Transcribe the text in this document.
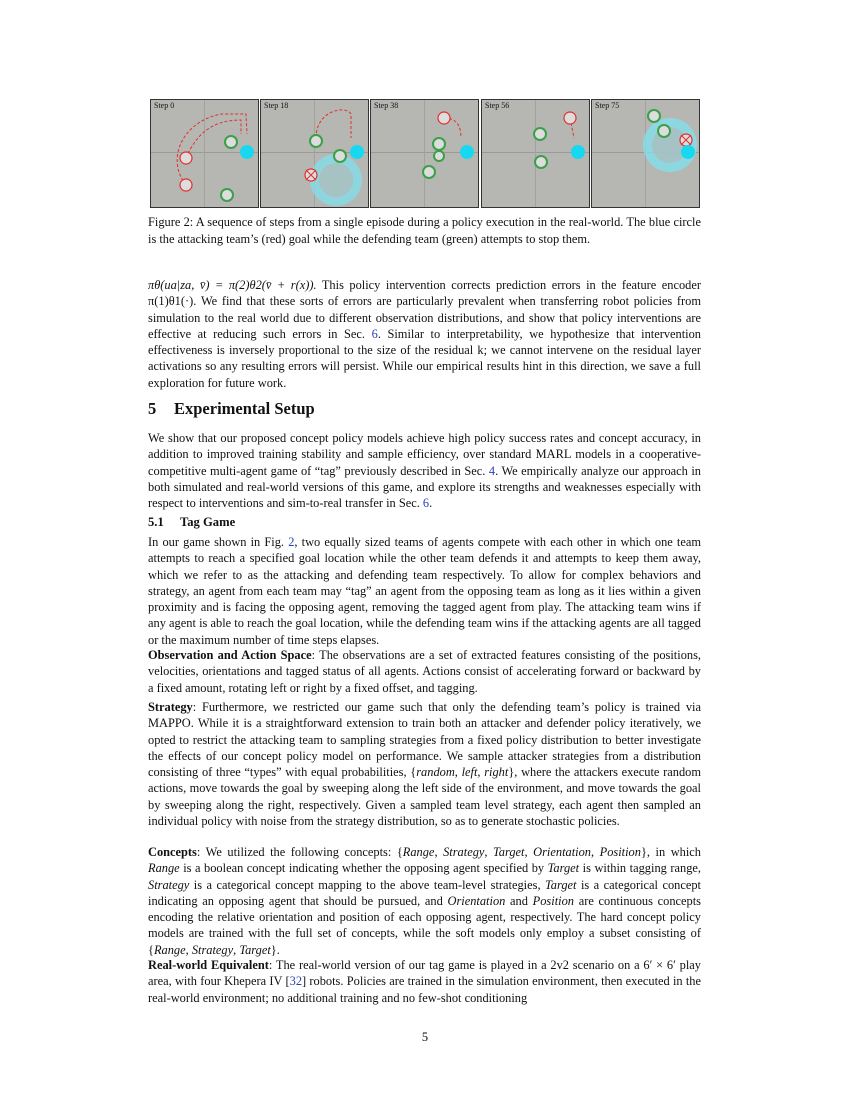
Step 0	Step 18	Step 38	Step 56	Step 75

Figure 2: A sequence of steps from a single episode during a policy execution in the real-world. The blue circle is the attacking team’s (red) goal while the defending team (green) attempts to stop them.

πθ(ua|za, v̄) = π(2)θ2(v̄ + r(x)). This policy intervention corrects prediction errors in the feature encoder π(1)θ1(·). We find that these sorts of errors are particularly prevalent when transferring robot policies from simulation to the real world due to different observation distributions, and show that policy interventions are effective at reducing such errors in Sec. 6. Similar to interpretability, we hypothesize that intervention effectiveness is inversely proportional to the size of the residual k; we cannot intervene on the residual layer activations so any resulting errors will persist. While our empirical results hint in this direction, we save a full exploration for future work.

5 Experimental Setup

We show that our proposed concept policy models achieve high policy success rates and concept accuracy, in addition to improved training stability and sample efficiency, over standard MARL models in a cooperative-competitive multi-agent game of “tag” previously described in Sec. 4. We empirically analyze our approach in both simulated and real-world versions of this game, and explore its strengths and weaknesses especially with respect to interventions and sim-to-real transfer in Sec. 6.

5.1 Tag Game

In our game shown in Fig. 2, two equally sized teams of agents compete with each other in which one team attempts to reach a specified goal location while the other team defends it and attempts to keep them away, which we refer to as the attacking and defending team respectively. To allow for complex behaviors and strategy, an agent from each team may “tag” an agent from the opposing team as long as it lies within a given proximity and is facing the opposing agent, removing the tagged agent from play. The attacking team wins if any agent is able to reach the goal location, while the defending team wins if the attacking agents are all tagged or the maximum number of time steps elapses.

Observation and Action Space: The observations are a set of extracted features consisting of the positions, velocities, orientations and tagged status of all agents. Actions consist of accelerating forward or backward by a fixed amount, rotating left or right by a fixed offset, and tagging.

Strategy: Furthermore, we restricted our game such that only the defending team’s policy is trained via MAPPO. While it is a straightforward extension to train both an attacker and defender policy iteratively, we opted to restrict the attacking team to sampling strategies from a fixed policy distribution to better investigate the effects of our concept policy model on performance. We sample attacker strategies from a distribution consisting of three “types” with equal probabilities, {random, left, right}, where the attackers execute random actions, move towards the goal by sweeping along the left side of the environment, and move towards the goal by sweeping along the right, respectively. Given a sampled team level strategy, each agent then sampled an individual policy with noise from the strategy distribution, so as to generate stochastic policies.

Concepts: We utilized the following concepts: {Range, Strategy, Target, Orientation, Position}, in which Range is a boolean concept indicating whether the opposing agent specified by Target is within tagging range, Strategy is a categorical concept mapping to the above team-level strategies, Target is a categorical concept indicating an opposing agent that should be pursued, and Orientation and Position are continuous concepts encoding the relative orientation and position of each opposing agent, respectively. The hard concept policy models are trained with the full set of concepts, while the soft models only employ a subset consisting of {Range, Strategy, Target}.

Real-world Equivalent: The real-world version of our tag game is played in a 2v2 scenario on a 6′ × 6′ play area, with four Khepera IV [32] robots. Policies are trained in the simulation environment, then executed in the real-world environment; no additional training and no few-shot conditioning

5
